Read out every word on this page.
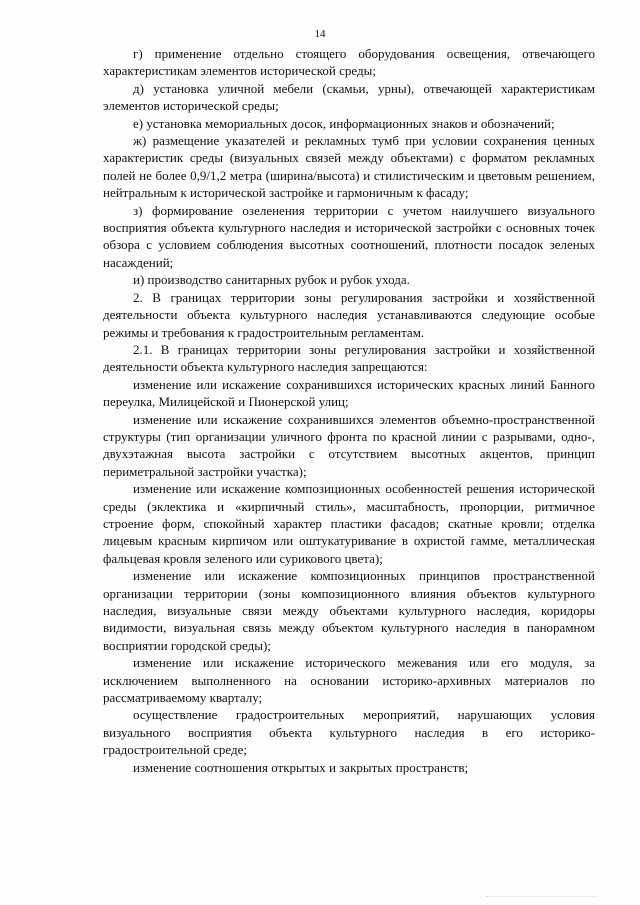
14

г) применение отдельно стоящего оборудования освещения, отвечающего характеристикам элементов исторической среды;

д) установка уличной мебели (скамьи, урны), отвечающей характеристикам элементов исторической среды;

е) установка мемориальных досок, информационных знаков и обозначений;

ж) размещение указателей и рекламных тумб при условии сохранения ценных характеристик среды (визуальных связей между объектами) с форматом рекламных полей не более 0,9/1,2 метра (ширина/высота) и стилистическим и цветовым решением, нейтральным к исторической застройке и гармоничным к фасаду;

з) формирование озеленения территории с учетом наилучшего визуального восприятия объекта культурного наследия и исторической застройки с основных точек обзора с условием соблюдения высотных соотношений, плотности посадок зеленых насаждений;

и) производство санитарных рубок и рубок ухода.

2. В границах территории зоны регулирования застройки и хозяйственной деятельности объекта культурного наследия устанавливаются следующие особые режимы и требования к градостроительным регламентам.

2.1. В границах территории зоны регулирования застройки и хозяйственной деятельности объекта культурного наследия запрещаются:

изменение или искажение сохранившихся исторических красных линий Банного переулка, Милицейской и Пионерской улиц;

изменение или искажение сохранившихся элементов объемно-пространственной структуры (тип организации уличного фронта по красной линии с разрывами, одно-, двухэтажная высота застройки с отсутствием высотных акцентов, принцип периметральной застройки участка);

изменение или искажение композиционных особенностей решения исторической среды (эклектика и «кирпичный стиль», масштабность, пропорции, ритмичное строение форм, спокойный характер пластики фасадов; скатные кровли; отделка лицевым красным кирпичом или оштукатуривание в охристой гамме, металлическая фальцевая кровля зеленого или сурикового цвета);

изменение или искажение композиционных принципов пространственной организации территории (зоны композиционного влияния объектов культурного наследия, визуальные связи между объектами культурного наследия, коридоры видимости, визуальная связь между объектом культурного наследия в панорамном восприятии городской среды);

изменение или искажение исторического межевания или его модуля, за исключением выполненного на основании историко-архивных материалов по рассматриваемому кварталу;

осуществление градостроительных мероприятий, нарушающих условия визуального восприятия объекта культурного наследия в его историко-градостроительной среде;

изменение соотношения открытых и закрытых пространств;
